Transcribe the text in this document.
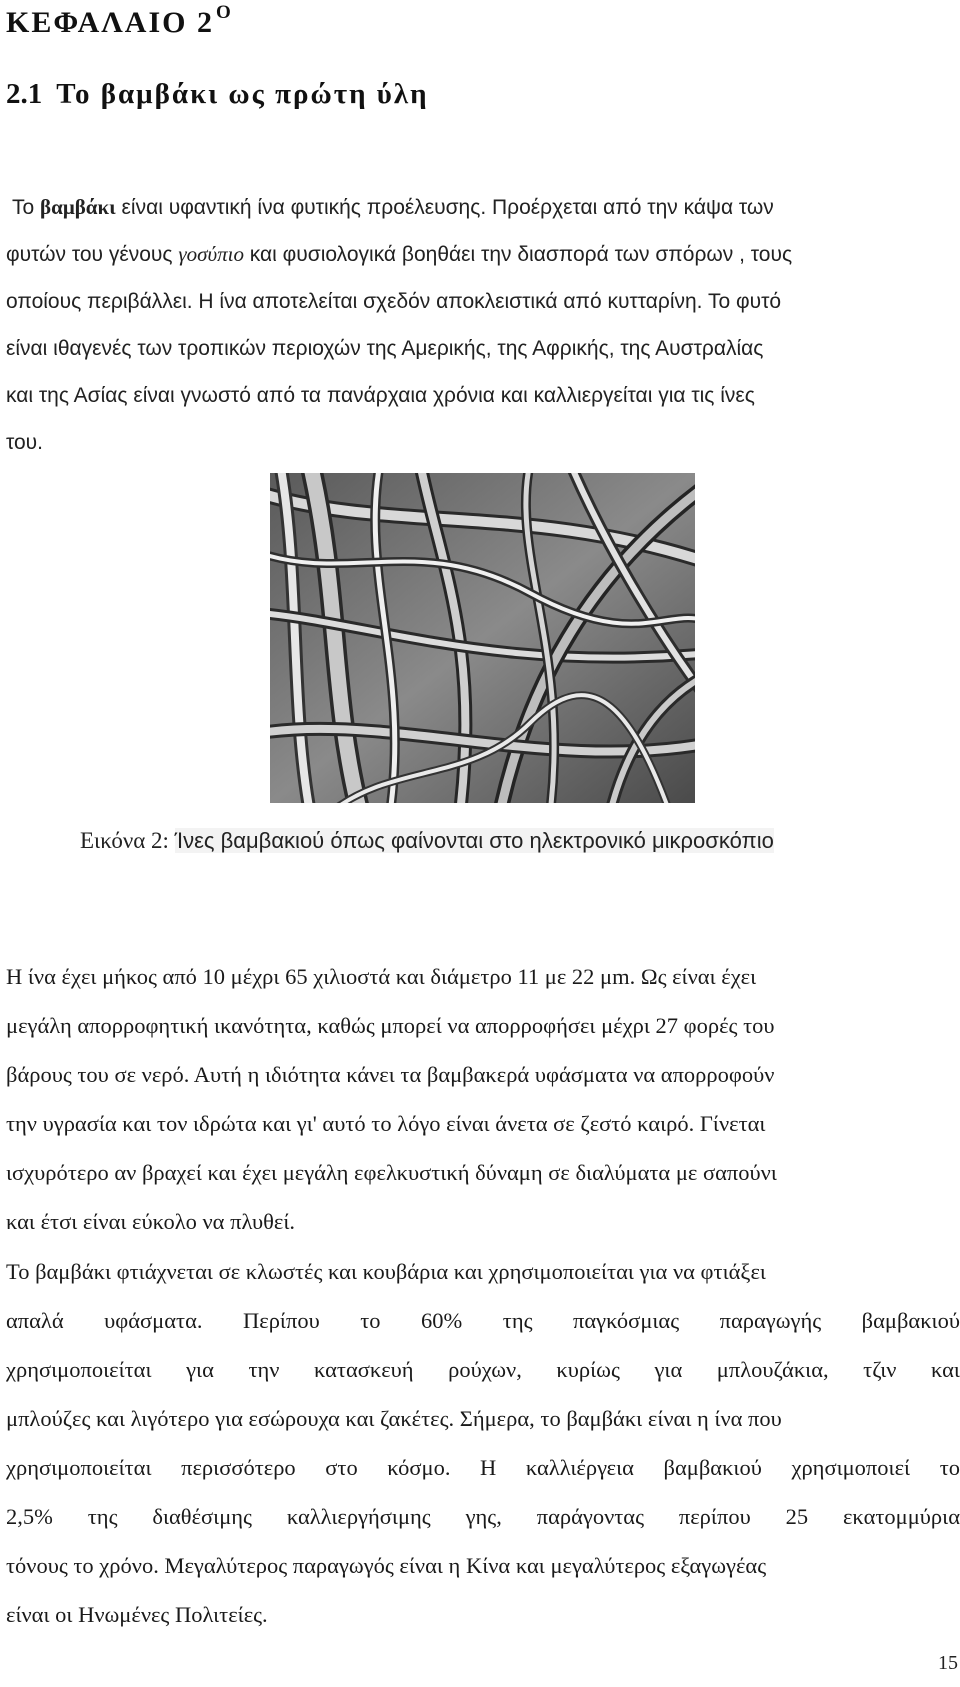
ΚΕΦΑΛΑΙΟ 2 $^O$
2.1 Το βαμβάκι ως πρώτη ύλη

Το βαμβάκι είναι υφαντική ίνα φυτικής προέλευσης. Προέρχεται από την κάψα των
φυτών του γένους γοσύπιο και φυσιολογικά βοηθάει την διασπορά των σπόρων , τους
οποίους περιβάλλει. Η ίνα αποτελείται σχεδόν αποκλειστικά από κυτταρίνη. Το φυτό
είναι ιθαγενές των τροπικών περιοχών της Αμερικής, της Αφρικής, της Αυστραλίας
και της Ασίας είναι γνωστό από τα πανάρχαια χρόνια και καλλιεργείται για τις ίνες
του.

Εικόνα 2: Ίνες βαμβακιού όπως φαίνονται στο ηλεκτρονικό μικροσκόπιο

Η ίνα έχει μήκος από 10 μέχρι 65 χιλιοστά και διάμετρο 11 με 22 μm. Ως είναι έχει
μεγάλη απορροφητική ικανότητα, καθώς μπορεί να απορροφήσει μέχρι 27 φορές του
βάρους του σε νερό. Αυτή η ιδιότητα κάνει τα βαμβακερά υφάσματα να απορροφούν
την υγρασία και τον ιδρώτα και γι' αυτό το λόγο είναι άνετα σε ζεστό καιρό. Γίνεται
ισχυρότερο αν βραχεί και έχει μεγάλη εφελκυστική δύναμη σε διαλύματα με σαπούνι
και έτσι είναι εύκολο να πλυθεί.

Το βαμβάκι φτιάχνεται σε κλωστές και κουβάρια και χρησιμοποιείται για να φτιάξει
απαλά υφάσματα. Περίπου το 60% της παγκόσμιας παραγωγής βαμβακιού
χρησιμοποιείται για την κατασκευή ρούχων, κυρίως για μπλουζάκια, τζιν και
μπλούζες και λιγότερο για εσώρουχα και ζακέτες. Σήμερα, το βαμβάκι είναι η ίνα που
χρησιμοποιείται περισσότερο στο κόσμο. Η καλλιέργεια βαμβακιού χρησιμοποιεί το
2,5% της διαθέσιμης καλλιεργήσιμης γης, παράγοντας περίπου 25 εκατομμύρια
τόνους το χρόνο. Μεγαλύτερος παραγωγός είναι η Κίνα και μεγαλύτερος εξαγωγέας
είναι οι Ηνωμένες Πολιτείες.

15
